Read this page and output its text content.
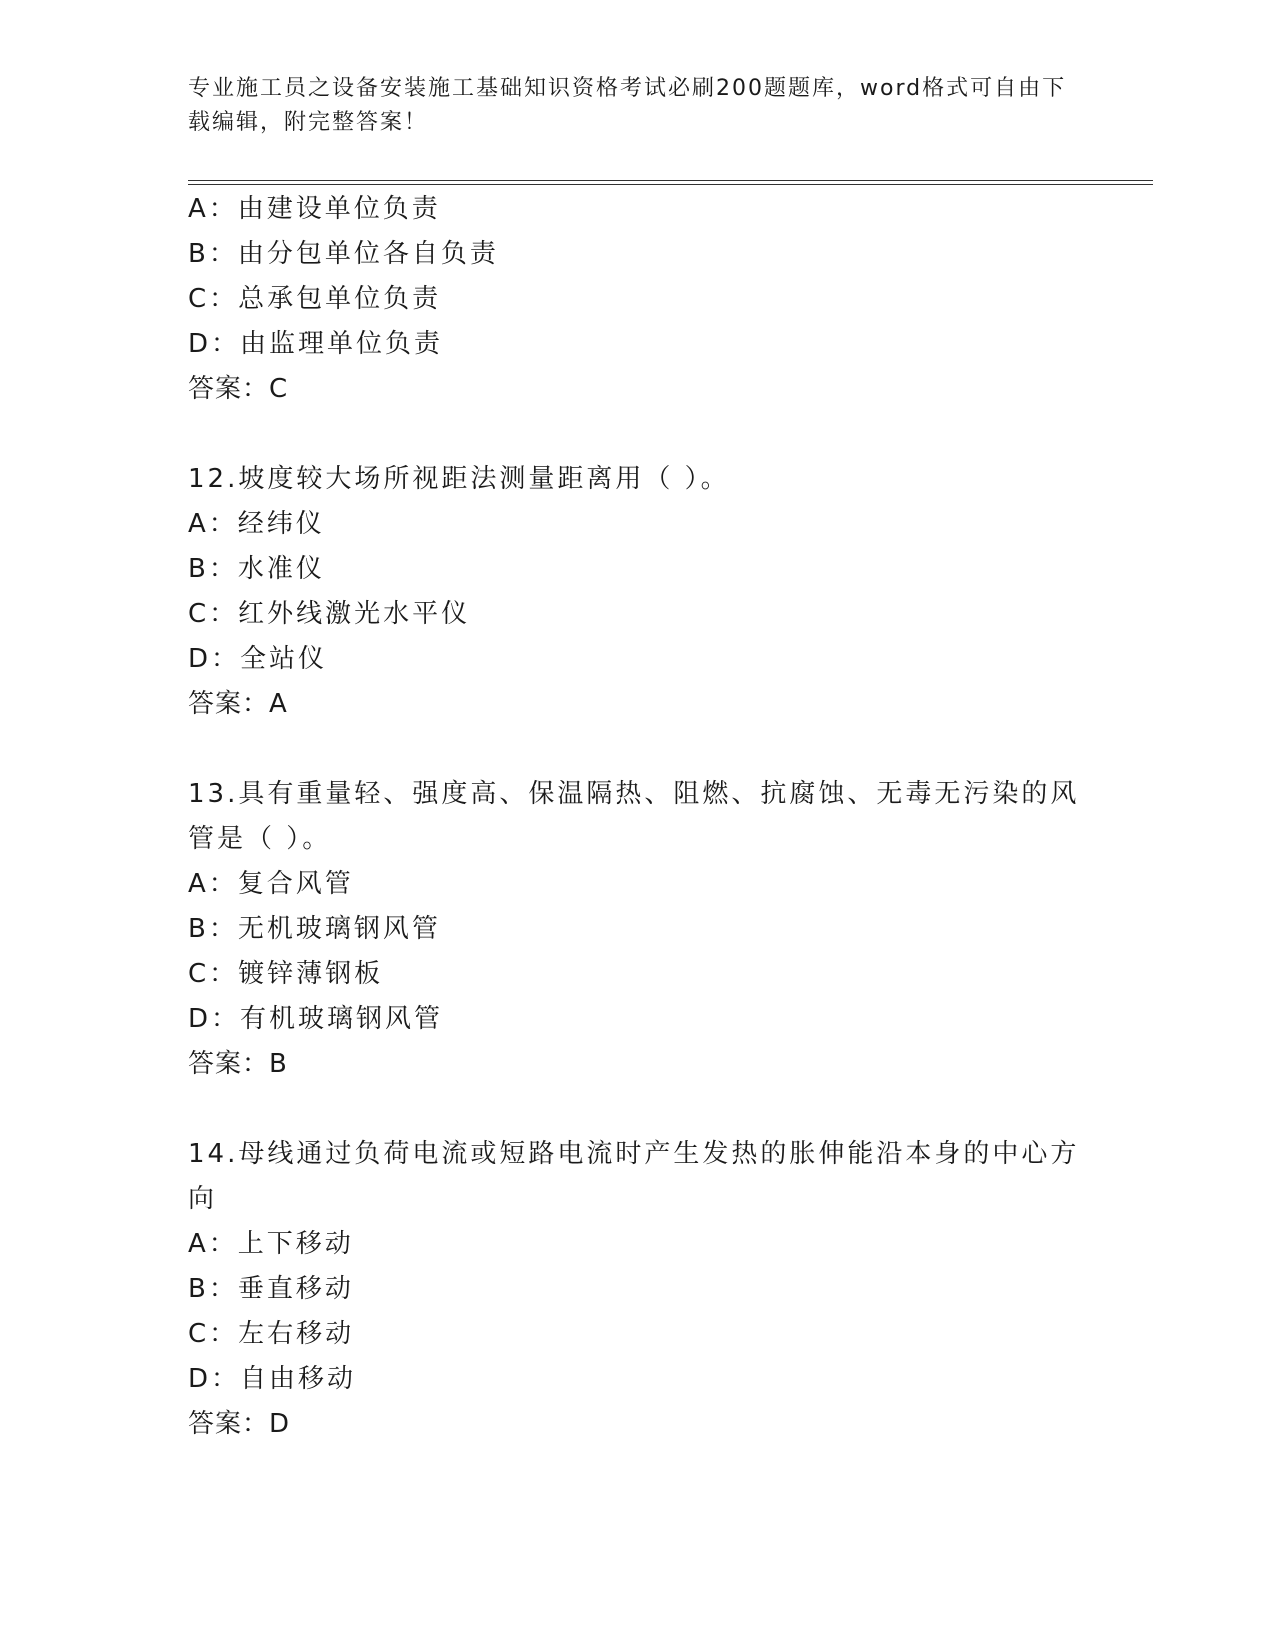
专业施工员之设备安装施工基础知识资格考试必刷200题题库，word格式可自由下载编辑，附完整答案！
A：由建设单位负责
B：由分包单位各自负责
C：总承包单位负责
D：由监理单位负责
答案：C
12.坡度较大场所视距法测量距离用（ ）。
A：经纬仪
B：水准仪
C：红外线激光水平仪
D：全站仪
答案：A
13.具有重量轻、强度高、保温隔热、阻燃、抗腐蚀、无毒无污染的风
管是（ ）。
A：复合风管
B：无机玻璃钢风管
C：镀锌薄钢板
D：有机玻璃钢风管
答案：B
14.母线通过负荷电流或短路电流时产生发热的胀伸能沿本身的中心方
向
A：上下移动
B：垂直移动
C：左右移动
D：自由移动
答案：D
